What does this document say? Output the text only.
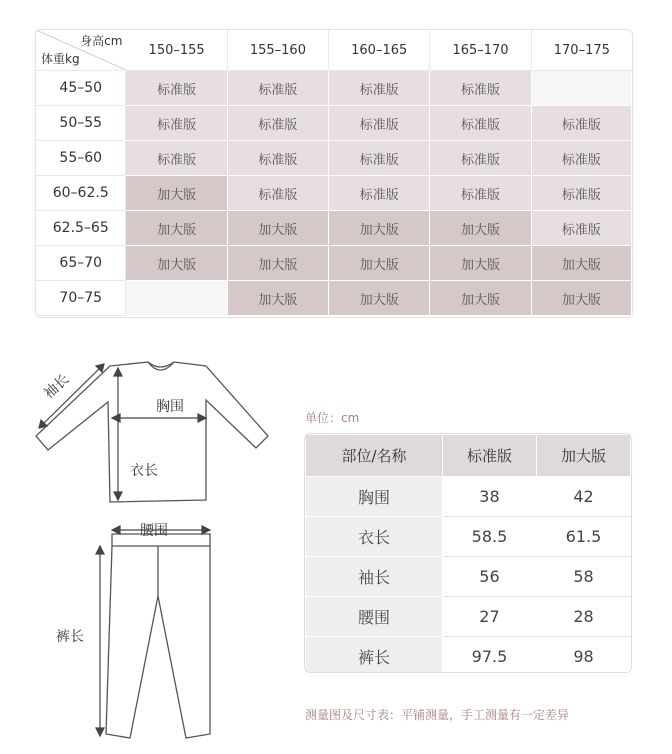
身高cm
体重kg	150–155	155–160	160–165	165–170	170–175
45–50	标准版	标准版	标准版	标准版	
50–55	标准版	标准版	标准版	标准版	标准版
55–60	标准版	标准版	标准版	标准版	标准版
60–62.5	加大版	标准版	标准版	标准版	标准版
62.5–65	加大版	加大版	加大版	加大版	标准版
65–70	加大版	加大版	加大版	加大版	加大版
70–75		加大版	加大版	加大版	加大版
袖长
胸围
衣长
腰围
裤长
单位：cm
部位/名称	标准版	加大版
胸围	38	42
衣长	58.5	61.5
袖长	56	58
腰围	27	28
裤长	97.5	98
测量图及尺寸表：平铺测量，手工测量有一定差异
